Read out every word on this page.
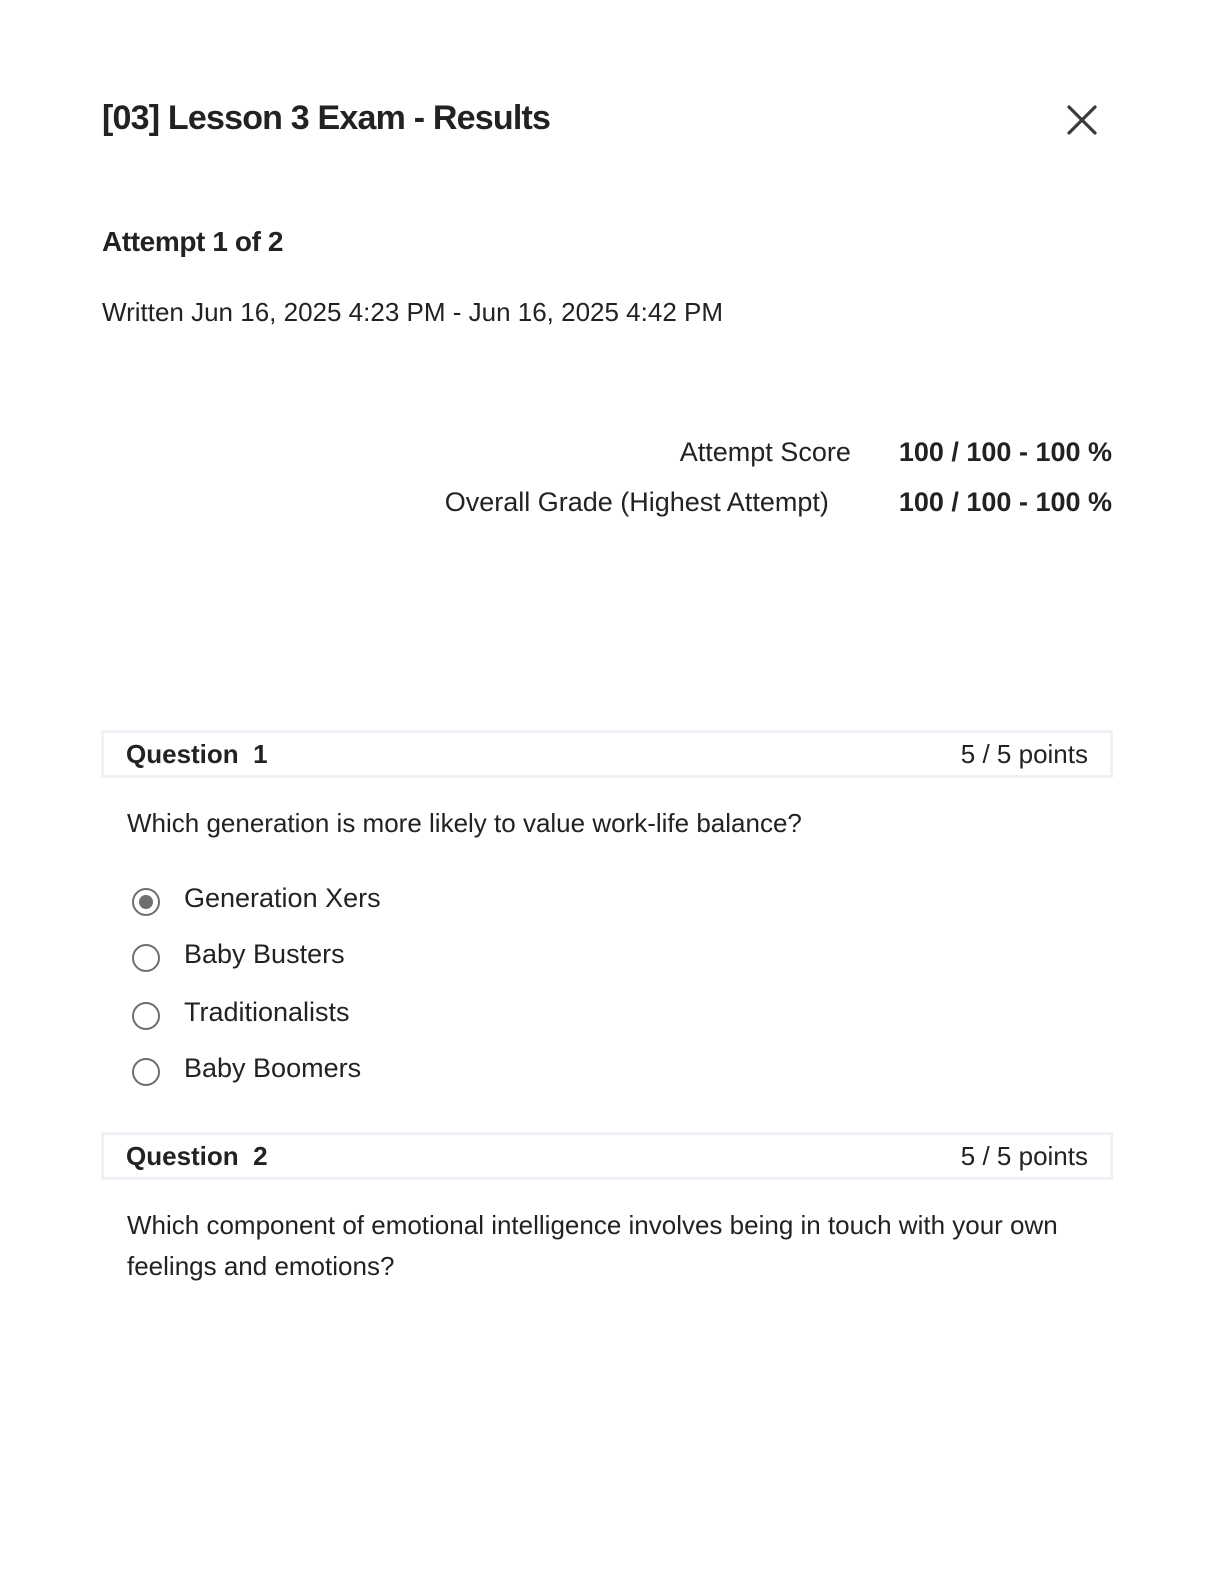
[03] Lesson 3 Exam - Results
Attempt 1 of 2
Written Jun 16, 2025 4:23 PM - Jun 16, 2025 4:42 PM
Attempt Score 100 / 100 - 100 %
Overall Grade (Highest Attempt)	100 / 100 - 100 %
Question  1	5 / 5 points
Which generation is more likely to value work-life balance?
Generation Xers
Baby Busters
Traditionalists
Baby Boomers
Question  2	5 / 5 points
Which component of emotional intelligence involves being in touch with your own feelings and emotions?
